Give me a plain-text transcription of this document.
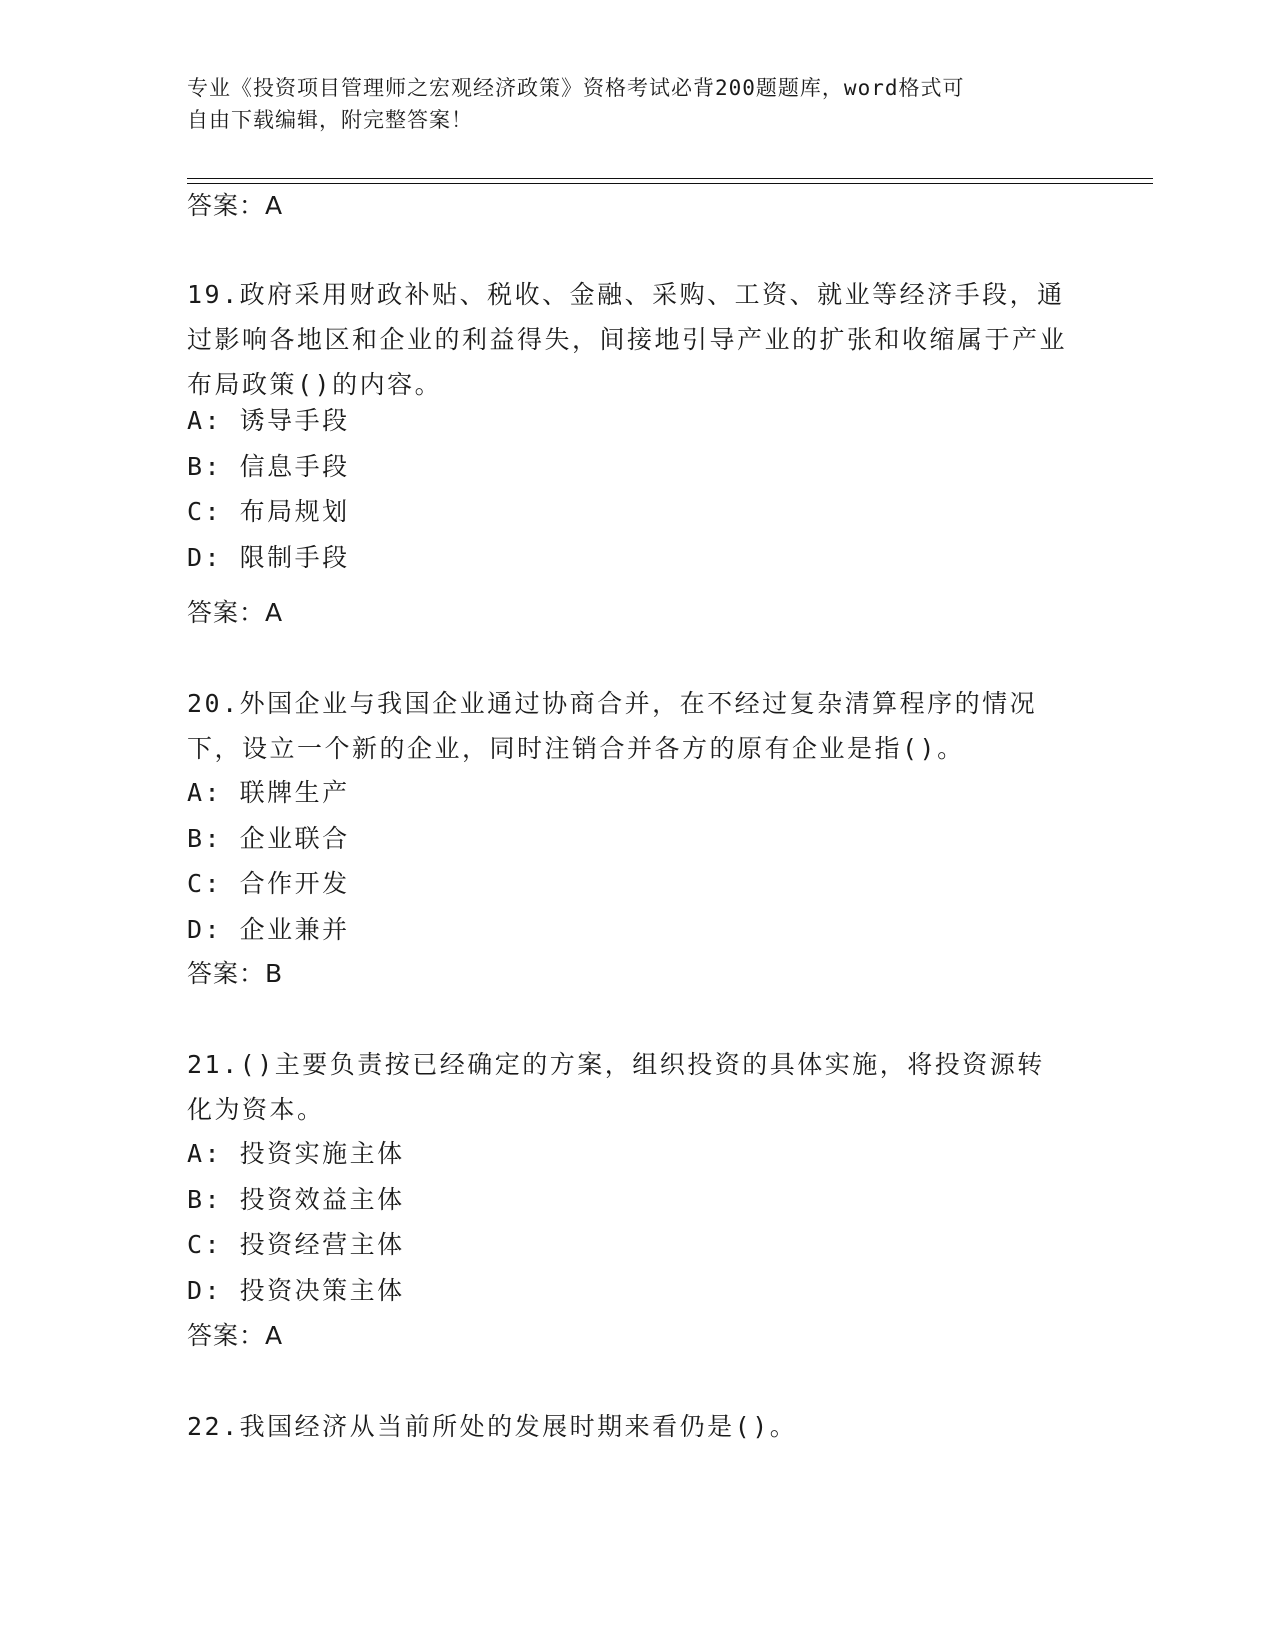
专业《投资项目管理师之宏观经济政策》资格考试必背200题题库，word格式可
自由下载编辑，附完整答案！
答案：A
19.政府采用财政补贴、税收、金融、采购、工资、就业等经济手段，通过影响各地区和企业的利益得失，间接地引导产业的扩张和收缩属于产业布局政策()的内容。
A: 诱导手段
B: 信息手段
C: 布局规划
D: 限制手段
答案：A
20.外国企业与我国企业通过协商合并，在不经过复杂清算程序的情况下，设立一个新的企业，同时注销合并各方的原有企业是指()。
A: 联牌生产
B: 企业联合
C: 合作开发
D: 企业兼并
答案：B
21.()主要负责按已经确定的方案，组织投资的具体实施，将投资源转化为资本。
A: 投资实施主体
B: 投资效益主体
C: 投资经营主体
D: 投资决策主体
答案：A
22.我国经济从当前所处的发展时期来看仍是()。
